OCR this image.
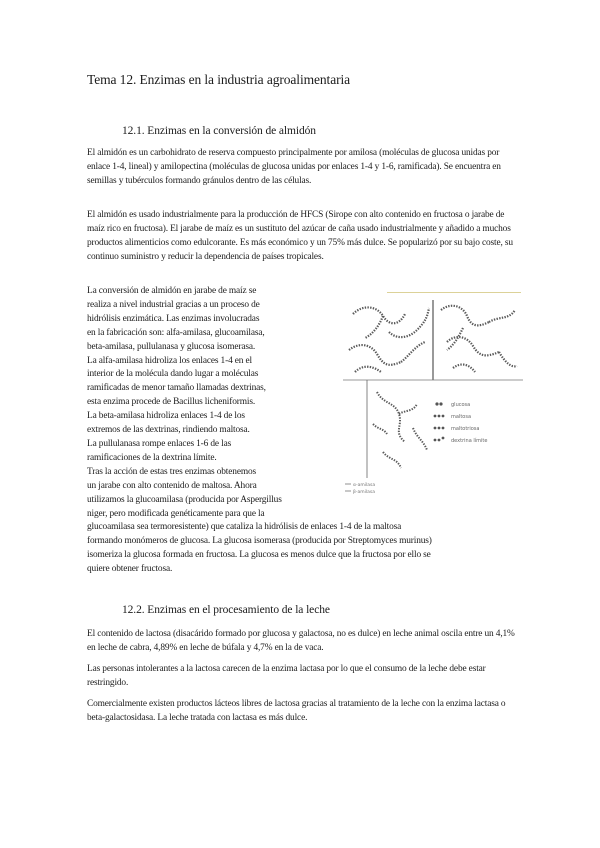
Tema 12. Enzimas en la industria agroalimentaria
12.1. Enzimas en la conversión de almidón

El almidón es un carbohidrato de reserva compuesto principalmente por amilosa (moléculas de glucosa unidas por enlace 1-4, lineal) y amilopectina (moléculas de glucosa unidas por enlaces 1-4 y 1-6, ramificada). Se encuentra en semillas y tubérculos formando gránulos dentro de las células.

El almidón es usado industrialmente para la producción de HFCS (Sirope con alto contenido en fructosa o jarabe de maíz rico en fructosa). El jarabe de maíz es un sustituto del azúcar de caña usado industrialmente y añadido a muchos productos alimenticios como edulcorante. Es más económico y un 75% más dulce. Se popularizó por su bajo coste, su continuo suministro y reducir la dependencia de países tropicales.

La conversión de almidón en jarabe de maíz se
realiza a nivel industrial gracias a un proceso de
hidrólisis enzimática. Las enzimas involucradas
en la fabricación son: alfa-amilasa, glucoamilasa,
beta-amilasa, pullulanasa y glucosa isomerasa.
La alfa-amilasa hidroliza los enlaces 1-4 en el
interior de la molécula dando lugar a moléculas
ramificadas de menor tamaño llamadas dextrinas,
esta enzima procede de Bacillus licheniformis.
La beta-amilasa hidroliza enlaces 1-4 de los
extremos de las dextrinas, rindiendo maltosa.
La pullulanasa rompe enlaces 1-6 de las
ramificaciones de la dextrina límite.
Tras la acción de estas tres enzimas obtenemos
un jarabe con alto contenido de maltosa. Ahora
utilizamos la glucoamilasa (producida por Aspergillus
niger, pero modificada genéticamente para que la
glucoamilasa sea termoresistente) que cataliza la hidrólisis de enlaces 1-4 de la maltosa
formando monómeros de glucosa. La glucosa isomerasa (producida por Streptomyces murinus)
isomeriza la glucosa formada en fructosa. La glucosa es menos dulce que la fructosa por ello se
quiere obtener fructosa.
glucosa
maltosa
maltotriosa
dextrina límite
α-amilasa
β-amilasa
12.2. Enzimas en el procesamiento de la leche

El contenido de lactosa (disacárido formado por glucosa y galactosa, no es dulce) en leche animal oscila entre un 4,1% en leche de cabra, 4,89% en leche de búfala y 4,7% en la de vaca.

Las personas intolerantes a la lactosa carecen de la enzima lactasa por lo que el consumo de la leche debe estar restringido.

Comercialmente existen productos lácteos libres de lactosa gracias al tratamiento de la leche con la enzima lactasa o beta-galactosidasa. La leche tratada con lactasa es más dulce.
